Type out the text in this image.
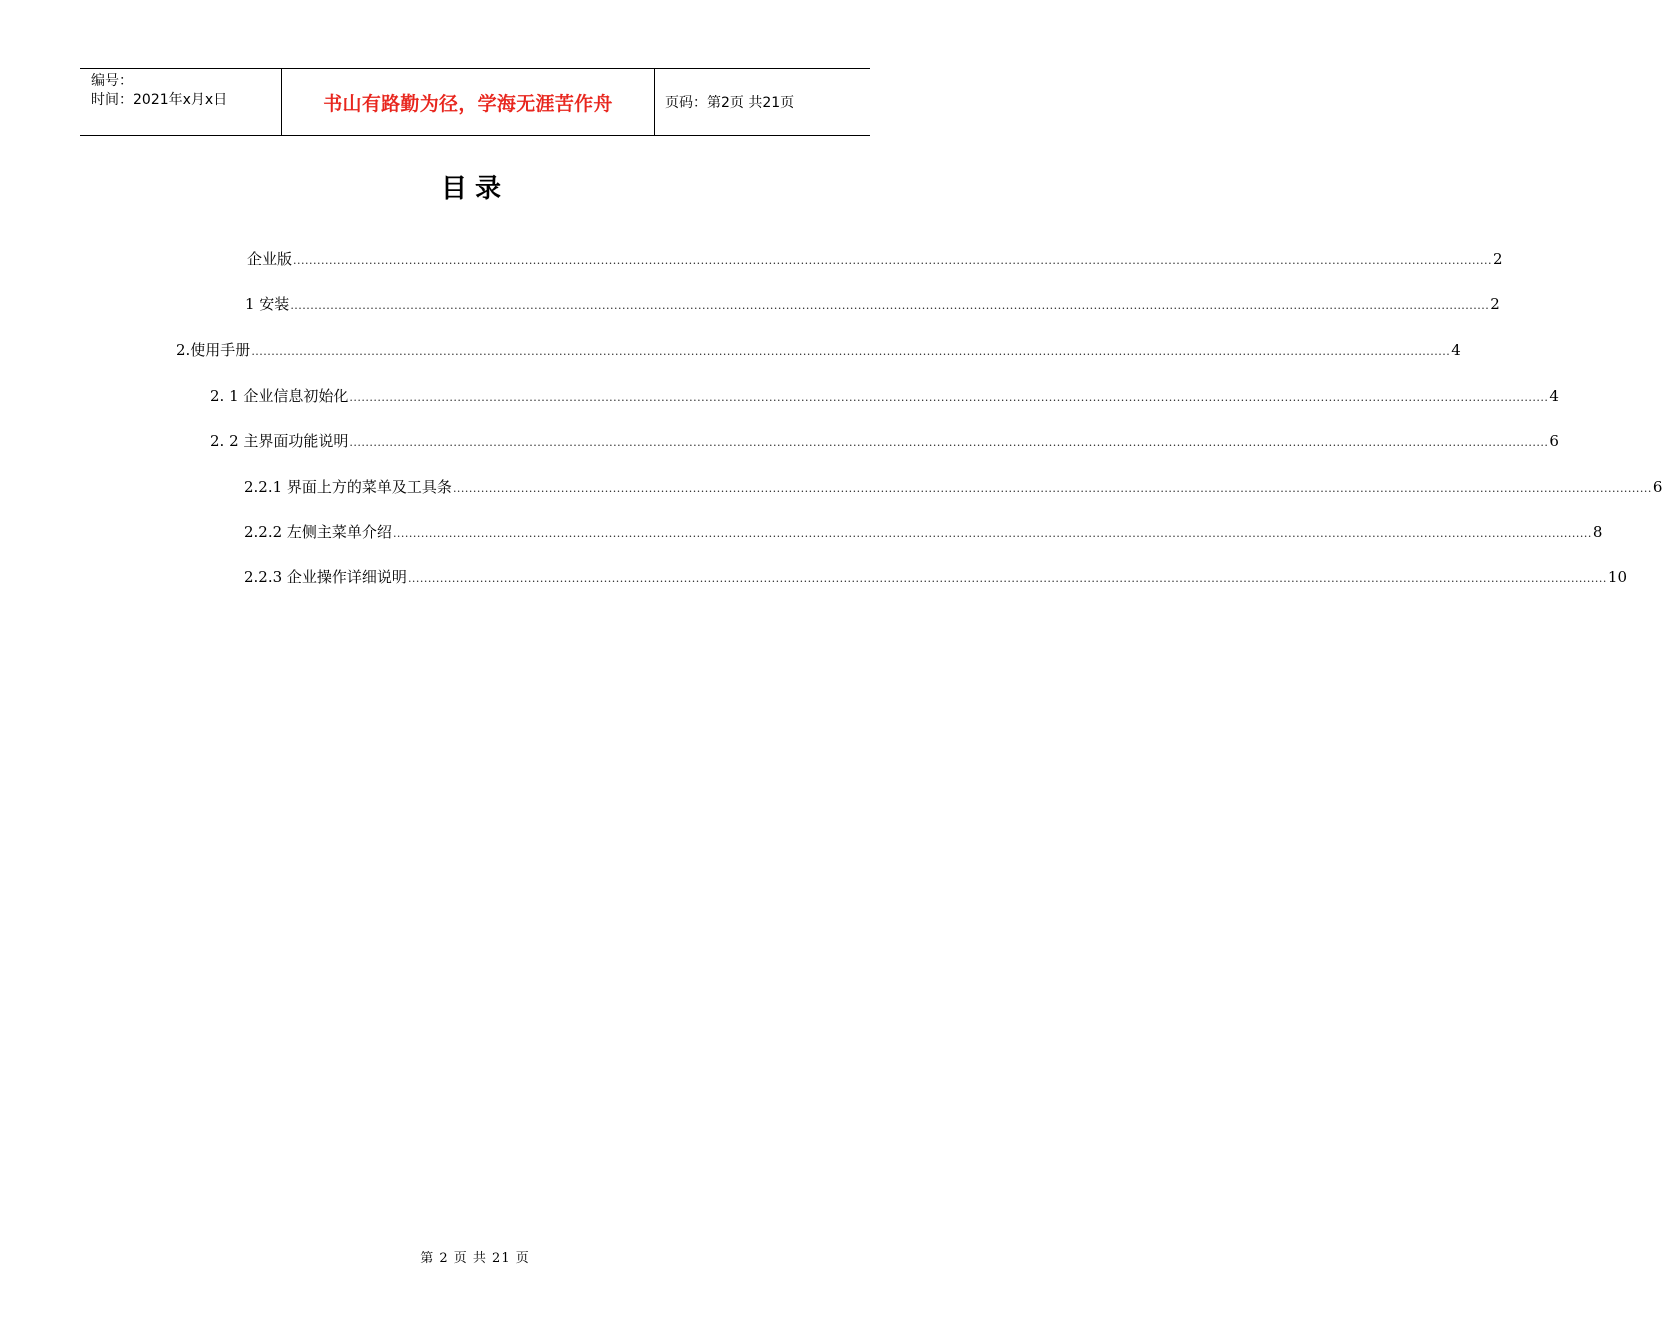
编号：
时间：2021年x月x日	书山有路勤为径，学海无涯苦作舟	页码：第2页 共21页
目录
企业版 ............................................................................................................................................................................................................................................................................................................ 2
1 安装 ............................................................................................................................................................................................................................................................................................................ 2
2.使用手册 ............................................................................................................................................................................................................................................................................................................ 4
2. 1 企业信息初始化 ............................................................................................................................................................................................................................................................................................................ 4
2. 2 主界面功能说明 ............................................................................................................................................................................................................................................................................................................ 6
2.2.1 界面上方的菜单及工具条 ............................................................................................................................................................................................................................................................................................................ 6
2.2.2 左侧主菜单介绍 ............................................................................................................................................................................................................................................................................................................ 8
2.2.3 企业操作详细说明 ............................................................................................................................................................................................................................................................................................................ 10
第 2 页 共 21 页
